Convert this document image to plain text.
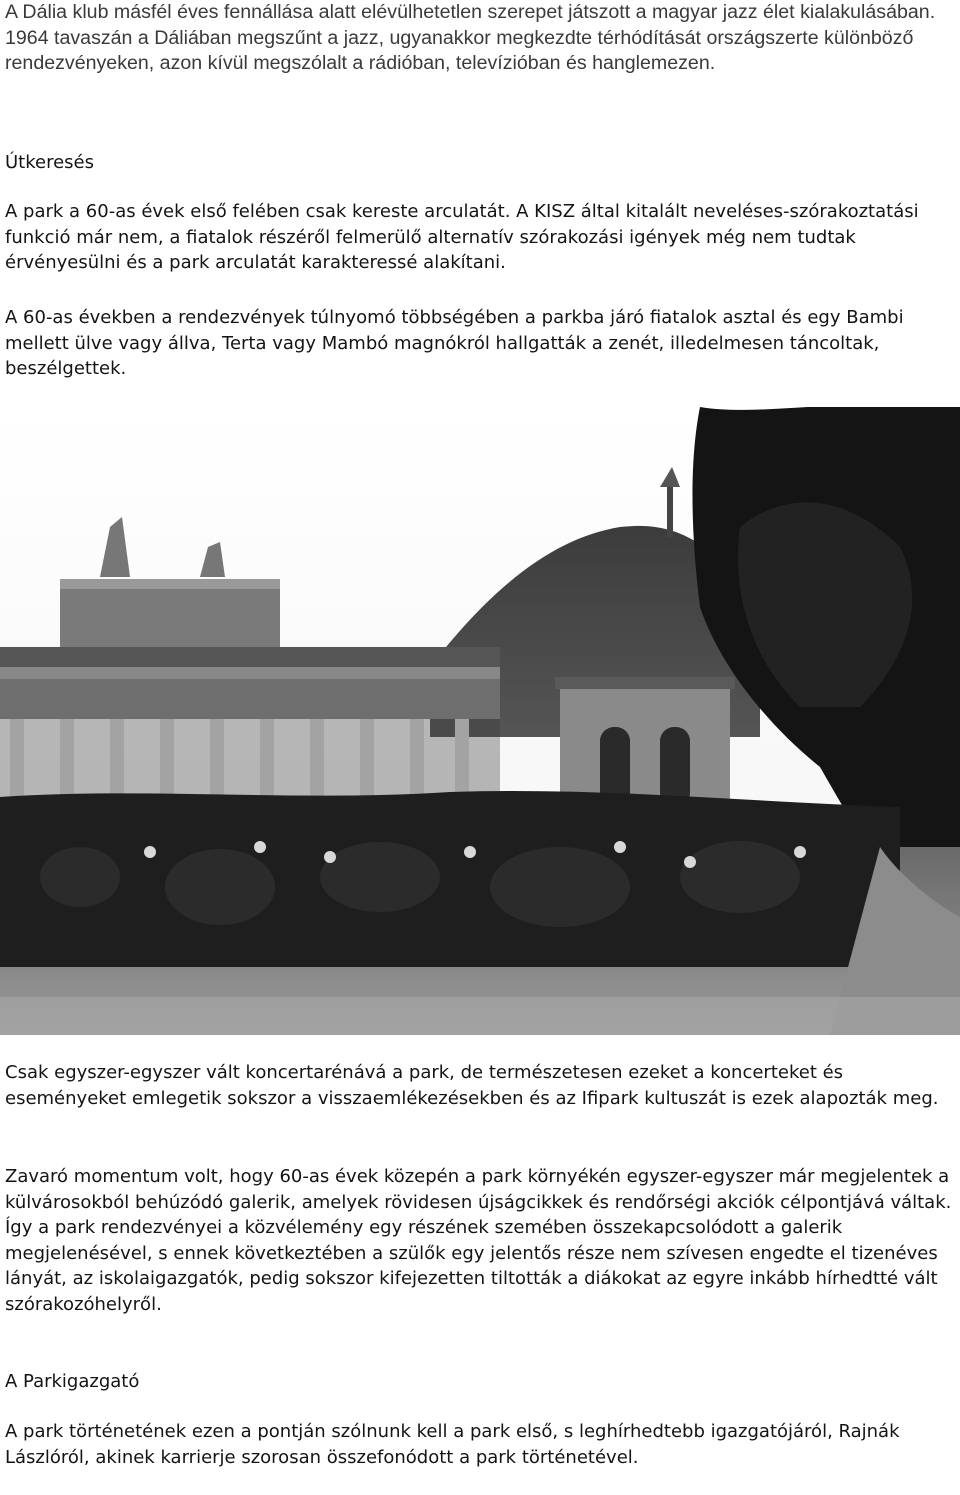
A Dália klub másfél éves fennállása alatt elévülhetetlen szerepet játszott a magyar jazz élet kialakulásában. 1964 tavaszán a Dáliában megszűnt a jazz, ugyanakkor megkezdte térhódítását országszerte különböző rendezvényeken, azon kívül megszólalt a rádióban, televízióban és hanglemezen.

Útkeresés

A park a 60-as évek első felében csak kereste arculatát. A KISZ által kitalált neveléses-szórakoztatási funkció már nem, a fiatalok részéről felmerülő alternatív szórakozási igények még nem tudtak érvényesülni és a park arculatát karakteressé alakítani.

A 60-as években a rendezvények túlnyomó többségében a parkba járó fiatalok asztal és egy Bambi mellett ülve vagy állva, Terta vagy Mambó magnókról hallgatták a zenét, illedelmesen táncoltak, beszélgettek.

Csak egyszer-egyszer vált koncertarénává a park, de természetesen ezeket a koncerteket és eseményeket emlegetik sokszor a visszaemlékezésekben és az Ifipark kultuszát is ezek alapozták meg.

Zavaró momentum volt, hogy 60-as évek közepén a park környékén egyszer-egyszer már megjelentek a külvárosokból behúzódó galerik, amelyek rövidesen újságcikkek és rendőrségi akciók célpontjává váltak. Így a park rendezvényei a közvélemény egy részének szemében összekapcsolódott a galerik megjelenésével, s ennek következtében a szülők egy jelentős része nem szívesen engedte el tizenéves lányát, az iskolaigazgatók, pedig sokszor kifejezetten tiltották a diákokat az egyre inkább hírhedtté vált szórakozóhelyről.

A Parkigazgató

A park történetének ezen a pontján szólnunk kell a park első, s leghírhedtebb igazgatójáról, Rajnák Lászlóról, akinek karrierje szorosan összefonódott a park történetével.
